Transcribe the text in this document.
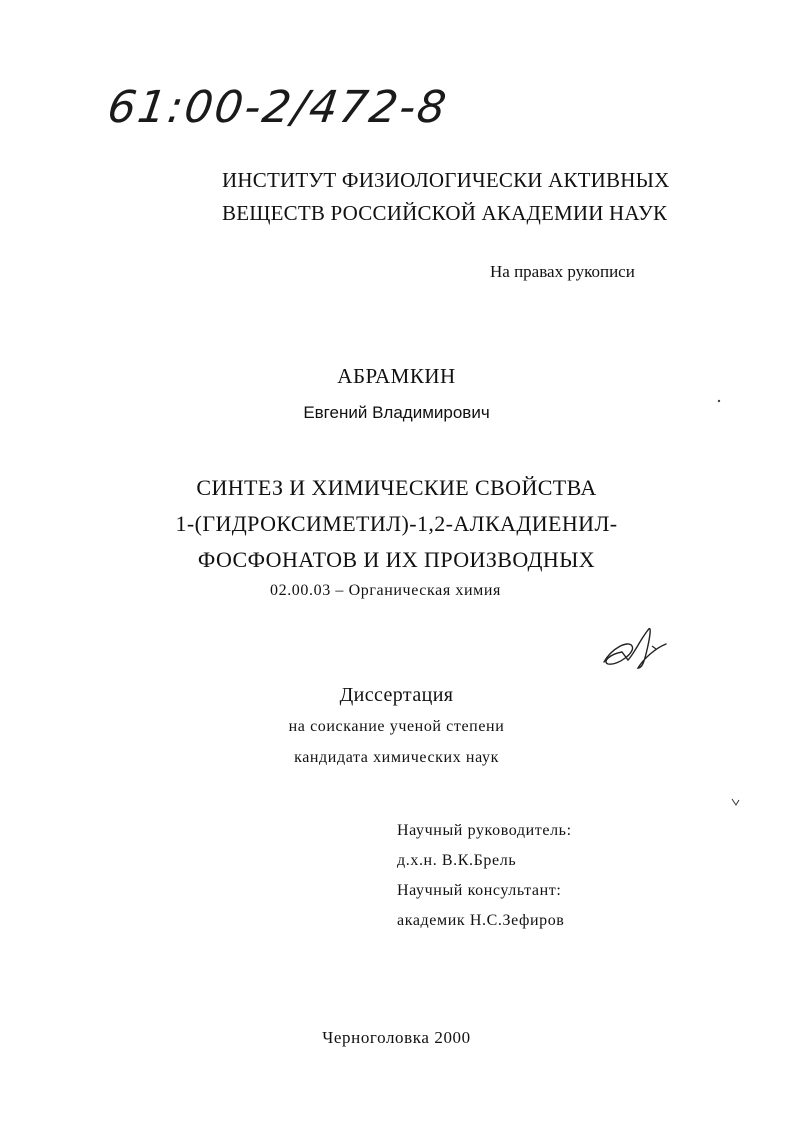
61:00-2/472-8
ИНСТИТУТ ФИЗИОЛОГИЧЕСКИ АКТИВНЫХ
ВЕЩЕСТВ РОССИЙСКОЙ АКАДЕМИИ НАУК
На правах рукописи
АБРАМКИН
Евгений Владимирович
СИНТЕЗ И ХИМИЧЕСКИЕ СВОЙСТВА
1-(ГИДРОКСИМЕТИЛ)-1,2-АЛКАДИЕНИЛ-
ФОСФОНАТОВ И ИХ ПРОИЗВОДНЫХ
02.00.03 – Органическая химия
Диссертация
на соискание ученой степени
кандидата химических наук
Научный руководитель:
д.х.н. В.К.Брель
Научный консультант:
академик Н.С.Зефиров
Черноголовка 2000
